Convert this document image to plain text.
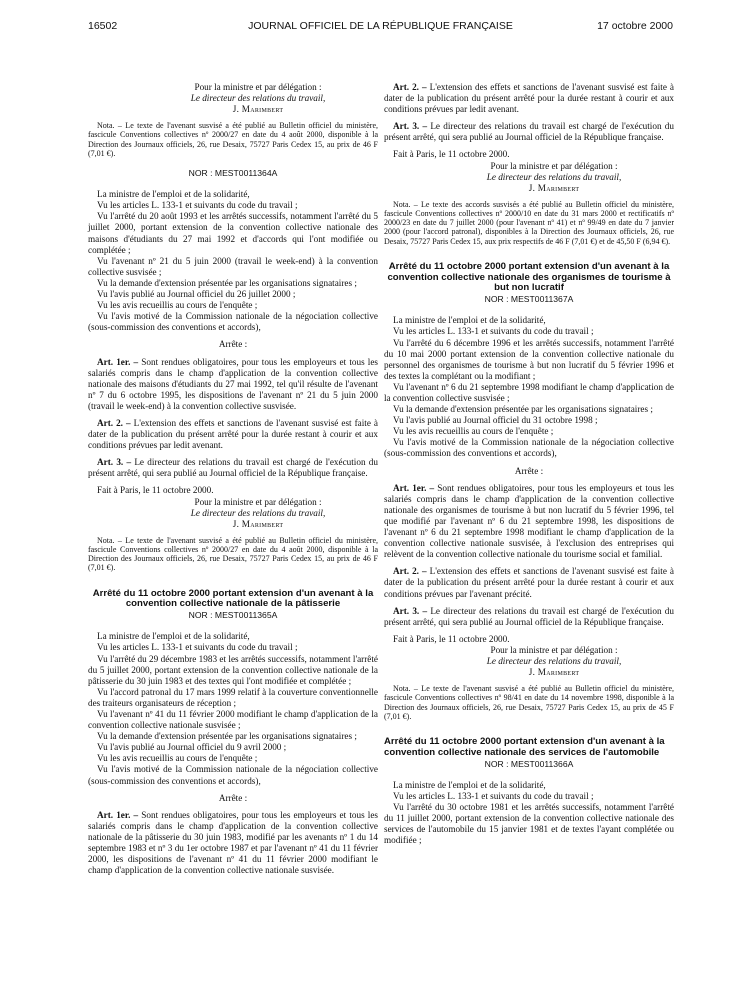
16502	JOURNAL OFFICIEL DE LA RÉPUBLIQUE FRANÇAISE	17 octobre 2000

Pour la ministre et par délégation :

Le directeur des relations du travail,

J. Marimbert

Nota. – Le texte de l'avenant susvisé a été publié au Bulletin officiel du ministère, fascicule Conventions collectives nº 2000/27 en date du 4 août 2000, disponible à la Direction des Journaux officiels, 26, rue Desaix, 75727 Paris Cedex 15, au prix de 46 F (7,01 €).

NOR : MEST0011364A

La ministre de l'emploi et de la solidarité,

Vu les articles L. 133-1 et suivants du code du travail ;

Vu l'arrêté du 20 août 1993 et les arrêtés successifs, notamment l'arrêté du 5 juillet 2000, portant extension de la convention collective nationale des maisons d'étudiants du 27 mai 1992 et d'accords qui l'ont modifiée ou complétée ;

Vu l'avenant nº 21 du 5 juin 2000 (travail le week-end) à la convention collective susvisée ;

Vu la demande d'extension présentée par les organisations signataires ;

Vu l'avis publié au Journal officiel du 26 juillet 2000 ;

Vu les avis recueillis au cours de l'enquête ;

Vu l'avis motivé de la Commission nationale de la négociation collective (sous-commission des conventions et accords),

Arrête :

Art. 1er. – Sont rendues obligatoires, pour tous les employeurs et tous les salariés compris dans le champ d'application de la convention collective nationale des maisons d'étudiants du 27 mai 1992, tel qu'il résulte de l'avenant nº 7 du 6 octobre 1995, les dispositions de l'avenant nº 21 du 5 juin 2000 (travail le week-end) à la convention collective susvisée.

Art. 2. – L'extension des effets et sanctions de l'avenant susvisé est faite à dater de la publication du présent arrêté pour la durée restant à courir et aux conditions prévues par ledit avenant.

Art. 3. – Le directeur des relations du travail est chargé de l'exécution du présent arrêté, qui sera publié au Journal officiel de la République française.

Fait à Paris, le 11 octobre 2000.

Pour la ministre et par délégation :

Le directeur des relations du travail,

J. Marimbert

Nota. – Le texte de l'avenant susvisé a été publié au Bulletin officiel du ministère, fascicule Conventions collectives nº 2000/27 en date du 4 août 2000, disponible à la Direction des Journaux officiels, 26, rue Desaix, 75727 Paris Cedex 15, au prix de 46 F (7,01 €).

Arrêté du 11 octobre 2000 portant extension d'un avenant à la convention collective nationale de la pâtisserie

NOR : MEST0011365A

La ministre de l'emploi et de la solidarité,

Vu les articles L. 133-1 et suivants du code du travail ;

Vu l'arrêté du 29 décembre 1983 et les arrêtés successifs, notamment l'arrêté du 5 juillet 2000, portant extension de la convention collective nationale de la pâtisserie du 30 juin 1983 et des textes qui l'ont modifiée et complétée ;

Vu l'accord patronal du 17 mars 1999 relatif à la couverture conventionnelle des traiteurs organisateurs de réception ;

Vu l'avenant nº 41 du 11 février 2000 modifiant le champ d'application de la convention collective nationale susvisée ;

Vu la demande d'extension présentée par les organisations signataires ;

Vu l'avis publié au Journal officiel du 9 avril 2000 ;

Vu les avis recueillis au cours de l'enquête ;

Vu l'avis motivé de la Commission nationale de la négociation collective (sous-commission des conventions et accords),

Arrête :

Art. 1er. – Sont rendues obligatoires, pour tous les employeurs et tous les salariés compris dans le champ d'application de la convention collective nationale de la pâtisserie du 30 juin 1983, modifié par les avenants nº 1 du 14 septembre 1983 et nº 3 du 1er octobre 1987 et par l'avenant nº 41 du 11 février 2000, les dispositions de l'avenant nº 41 du 11 février 2000 modifiant le champ d'application de la convention collective nationale susvisée.

Art. 2. – L'extension des effets et sanctions de l'avenant susvisé est faite à dater de la publication du présent arrêté pour la durée restant à courir et aux conditions prévues par ledit avenant.

Art. 3. – Le directeur des relations du travail est chargé de l'exécution du présent arrêté, qui sera publié au Journal officiel de la République française.

Fait à Paris, le 11 octobre 2000.

Pour la ministre et par délégation :

Le directeur des relations du travail,

J. Marimbert

Nota. – Le texte des accords susvisés a été publié au Bulletin officiel du ministère, fascicule Conventions collectives nº 2000/10 en date du 31 mars 2000 et rectificatifs nº 2000/23 en date du 7 juillet 2000 (pour l'avenant nº 41) et nº 99/49 en date du 7 janvier 2000 (pour l'accord patronal), disponibles à la Direction des Journaux officiels, 26, rue Desaix, 75727 Paris Cedex 15, aux prix respectifs de 46 F (7,01 €) et de 45,50 F (6,94 €).

Arrêté du 11 octobre 2000 portant extension d'un avenant à la convention collective nationale des organismes de tourisme à but non lucratif

NOR : MEST0011367A

La ministre de l'emploi et de la solidarité,

Vu les articles L. 133-1 et suivants du code du travail ;

Vu l'arrêté du 6 décembre 1996 et les arrêtés successifs, notamment l'arrêté du 10 mai 2000 portant extension de la convention collective nationale du personnel des organismes de tourisme à but non lucratif du 5 février 1996 et des textes la complétant ou la modifiant ;

Vu l'avenant nº 6 du 21 septembre 1998 modifiant le champ d'application de la convention collective susvisée ;

Vu la demande d'extension présentée par les organisations signataires ;

Vu l'avis publié au Journal officiel du 31 octobre 1998 ;

Vu les avis recueillis au cours de l'enquête ;

Vu l'avis motivé de la Commission nationale de la négociation collective (sous-commission des conventions et accords),

Arrête :

Art. 1er. – Sont rendues obligatoires, pour tous les employeurs et tous les salariés compris dans le champ d'application de la convention collective nationale des organismes de tourisme à but non lucratif du 5 février 1996, tel que modifié par l'avenant nº 6 du 21 septembre 1998, les dispositions de l'avenant nº 6 du 21 septembre 1998 modifiant le champ d'application de la convention collective nationale susvisée, à l'exclusion des entreprises qui relèvent de la convention collective nationale du tourisme social et familial.

Art. 2. – L'extension des effets et sanctions de l'avenant susvisé est faite à dater de la publication du présent arrêté pour la durée restant à courir et aux conditions prévues par l'avenant précité.

Art. 3. – Le directeur des relations du travail est chargé de l'exécution du présent arrêté, qui sera publié au Journal officiel de la République française.

Fait à Paris, le 11 octobre 2000.

Pour la ministre et par délégation :

Le directeur des relations du travail,

J. Marimbert

Nota. – Le texte de l'avenant susvisé a été publié au Bulletin officiel du ministère, fascicule Conventions collectives nº 98/41 en date du 14 novembre 1998, disponible à la Direction des Journaux officiels, 26, rue Desaix, 75727 Paris Cedex 15, au prix de 45 F (7,01 €).

Arrêté du 11 octobre 2000 portant extension d'un avenant à la convention collective nationale des services de l'automobile

NOR : MEST0011366A

La ministre de l'emploi et de la solidarité,

Vu les articles L. 133-1 et suivants du code du travail ;

Vu l'arrêté du 30 octobre 1981 et les arrêtés successifs, notamment l'arrêté du 11 juillet 2000, portant extension de la convention collective nationale des services de l'automobile du 15 janvier 1981 et de textes l'ayant complétée ou modifiée ;
